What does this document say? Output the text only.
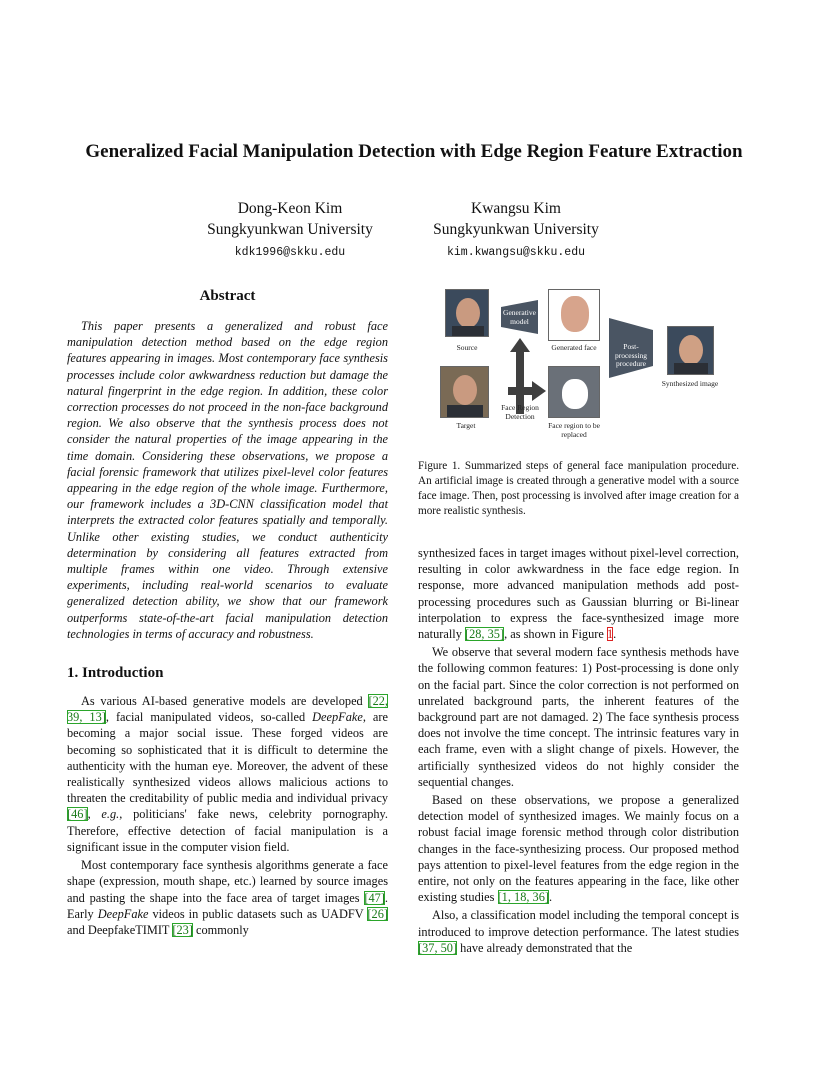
Generalized Facial Manipulation Detection with Edge Region Feature Extraction
Dong-Keon Kim
Sungkyunkwan University
kdk1996@skku.edu
Kwangsu Kim
Sungkyunkwan University
kim.kwangsu@skku.edu
Abstract

This paper presents a generalized and robust face manipulation detection method based on the edge region features appearing in images. Most contemporary face synthesis processes include color awkwardness reduction but damage the natural fingerprint in the edge region. In addition, these color correction processes do not proceed in the non-face background region. We also observe that the synthesis process does not consider the natural properties of the image appearing in the time domain. Considering these observations, we propose a facial forensic framework that utilizes pixel-level color features appearing in the edge region of the whole image. Furthermore, our framework includes a 3D-CNN classification model that interprets the extracted color features spatially and temporally. Unlike other existing studies, we conduct authenticity determination by considering all features extracted from multiple frames within one video. Through extensive experiments, including real-world scenarios to evaluate generalized detection ability, we show that our framework outperforms state-of-the-art facial manipulation detection technologies in terms of accuracy and robustness.

1. Introduction

As various AI-based generative models are developed [22, 39, 13], facial manipulated videos, so-called DeepFake, are becoming a major social issue. These forged videos are becoming so sophisticated that it is difficult to determine the authenticity with the human eye. Moreover, the advent of these realistically synthesized videos allows malicious actions to threaten the creditability of public media and individual privacy [46], e.g., politicians' fake news, celebrity pornography. Therefore, effective detection of facial manipulation is a significant issue in the computer vision field.

Most contemporary face synthesis algorithms generate a face shape (expression, mouth shape, etc.) learned by source images and pasting the shape into the face area of target images [47]. Early DeepFake videos in public datasets such as UADFV [26] and DeepfakeTIMIT [23] commonly

Source
Generative model
Generated face	Post-processing procedure
Synthesized image
Target
Face Region Detection
Face region to be replaced

Figure 1. Summarized steps of general face manipulation procedure. An artificial image is created through a generative model with a source face image. Then, post processing is involved after image creation for a more realistic synthesis.

synthesized faces in target images without pixel-level correction, resulting in color awkwardness in the face edge region. In response, more advanced manipulation methods add post-processing procedures such as Gaussian blurring or Bi-linear interpolation to express the face-synthesized image more naturally [28, 35], as shown in Figure 1.

We observe that several modern face synthesis methods have the following common features: 1) Post-processing is done only on the facial part. Since the color correction is not performed on unrelated background parts, the inherent features of the background part are not damaged. 2) The face synthesis process does not involve the time concept. The intrinsic features vary in each frame, even with a slight change of pixels. However, the artificially synthesized videos do not highly consider the sequential changes.

Based on these observations, we propose a generalized detection model of synthesized images. We mainly focus on a robust facial image forensic method through color distribution changes in the face-synthesizing process. Our proposed method pays attention to pixel-level features from the edge region in the entire, not only on the features appearing in the face, like other existing studies [1, 18, 36].

Also, a classification model including the temporal concept is introduced to improve detection performance. The latest studies [37, 50] have already demonstrated that the
